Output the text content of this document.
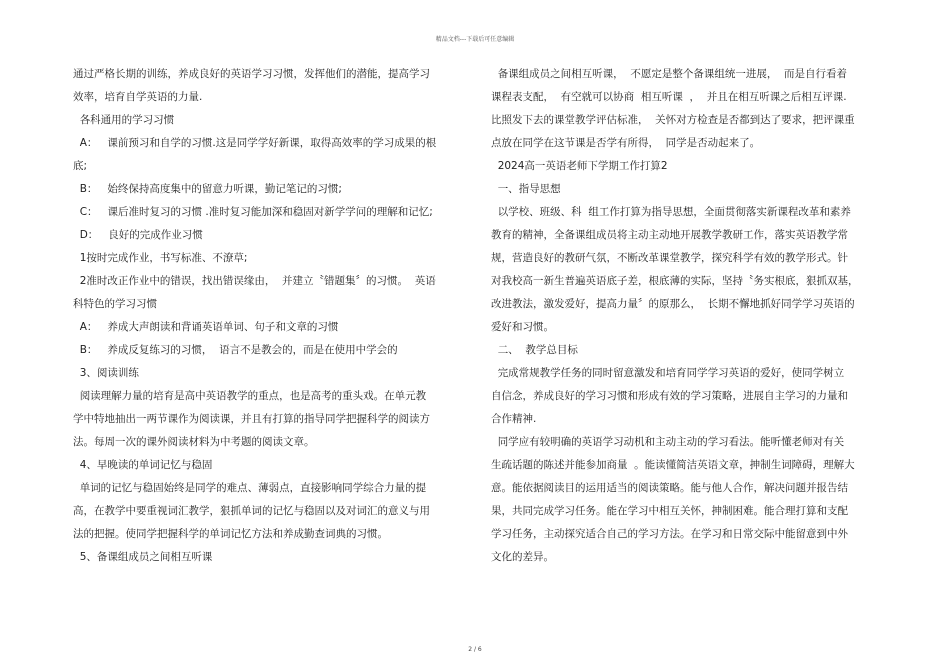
精品文档---下载后可任意编辑

通过严格长期的训练，养成良好的英语学习习惯，发挥他们的潜能，提高学习

效率，培育自学英语的力量.

各科通用的学习习惯

A：   课前预习和自学的习惯.这是同学学好新课，取得高效率的学习成果的根

底;

B：   始终保持高度集中的留意力听课，勤记笔记的习惯;

C：   课后准时复习的习惯 .准时复习能加深和稳固对新学学问的理解和记忆;

D：   良好的完成作业习惯

1按时完成作业，书写标准、不潦草;

2准时改正作业中的错误，找出错误缘由，  并建立〝错题集〞的习惯。  英语

科特色的学习习惯

A：   养成大声朗读和背诵英语单词、句子和文章的习惯

B：   养成反复练习的习惯，  语言不是教会的，而是在使用中学会的

3、阅读训练

阅读理解力量的培育是高中英语教学的重点，也是高考的重头戏。在单元教

学中特地抽出一两节课作为阅读课，并且有打算的指导同学把握科学的阅读方

法。每周一次的课外阅读材料为中考题的阅读文章。

4、早晚读的单词记忆与稳固

单词的记忆与稳固始终是同学的难点、薄弱点，直接影响同学综合力量的提

高，在教学中要重视词汇教学，狠抓单词的记忆与稳固以及对词汇的意义与用

法的把握。使同学把握科学的单词记忆方法和养成勤查词典的习惯。

5、备课组成员之间相互听课

备课组成员之间相互听课，  不愿定是整个备课组统一进展，  而是自行看着

课程表支配，  有空就可以协商  相互听课  ，  并且在相互听课之后相互评课.

比照发下去的课堂教学评估标准，  关怀对方检查是否都到达了要求，把评课重

点放在同学在这节课是否学有所得，  同学是否动起来了。

2024高一英语老师下学期工作打算2

一、指导思想

以学校、班级、科  组工作打算为指导思想，全面贯彻落实新课程改革和素养

教育的精神，全备课组成员将主动主动地开展教学教研工作，落实英语教学常

规，营造良好的教研气氛，不断改革课堂教学，探究科学有效的教学形式。针

对我校高一新生普遍英语底子差，根底薄的实际，坚持〝务实根底，狠抓双基，

改进教法，激发爱好，提高力量〞的原那么，  长期不懈地抓好同学学习英语的

爱好和习惯。

二、  教学总目标

完成常规教学任务的同时留意激发和培育同学学习英语的爱好，使同学树立

自信念，养成良好的学习习惯和形成有效的学习策略，进展自主学习的力量和

合作精神.

同学应有较明确的英语学习动机和主动主动的学习看法。能听懂老师对有关

生疏话题的陈述并能参加商量  。能读懂简洁英语文章，抻制生词障碍，理解大

意。能依据阅读目的运用适当的阅读策略。能与他人合作，解决问题并报告结

果，共同完成学习任务。能在学习中相互关怀，抻制困难。能合理打算和支配

学习任务，主动探究适合自己的学习方法。在学习和日常交际中能留意到中外

文化的差异。

2 / 6
